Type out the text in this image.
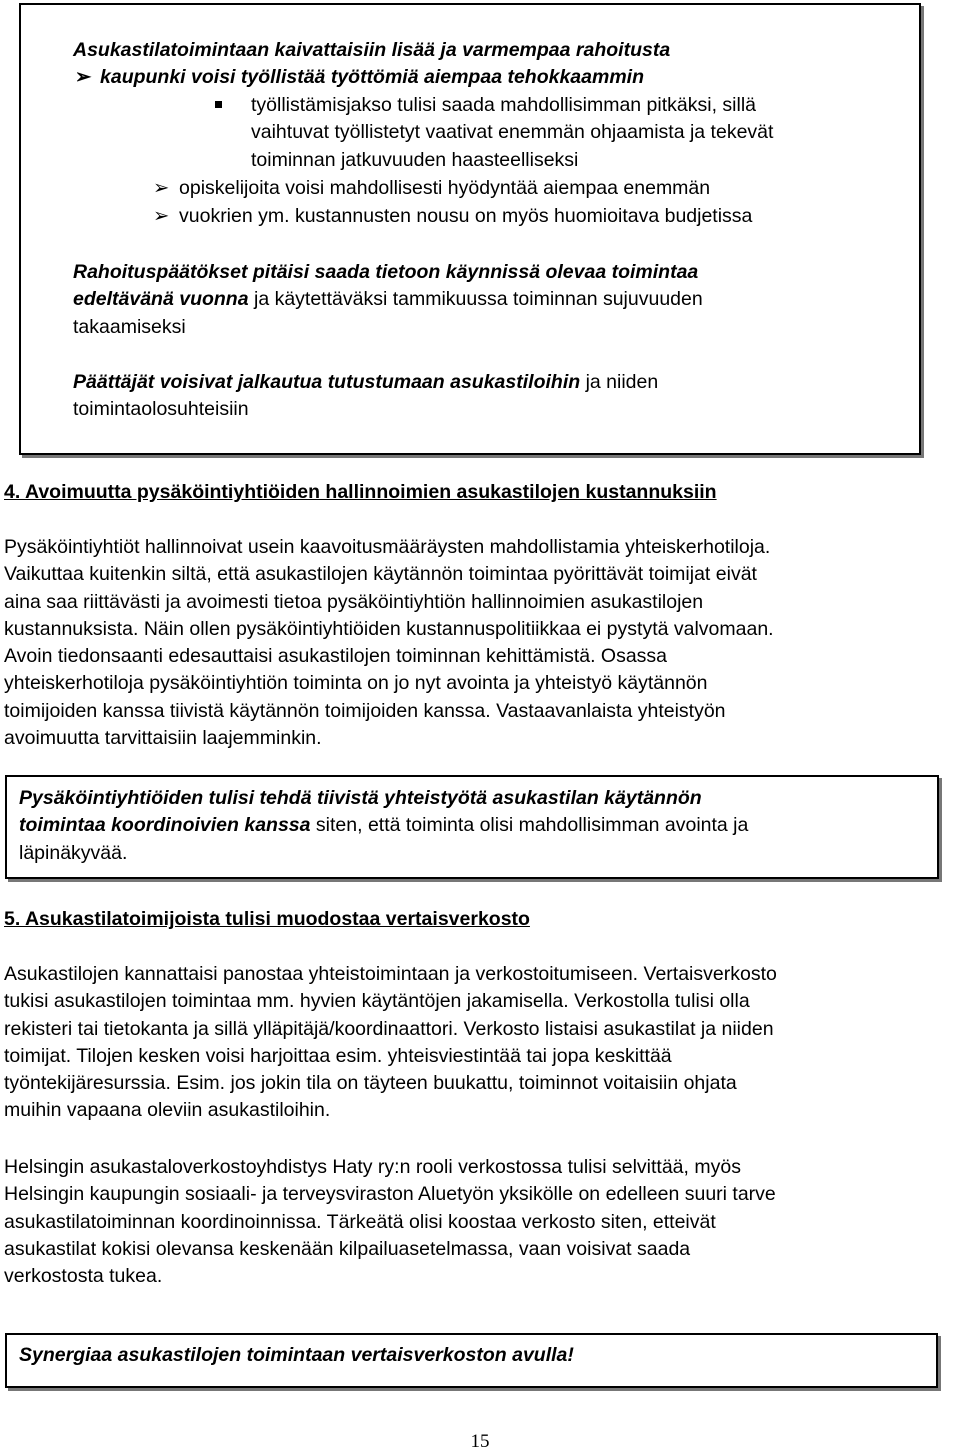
Asukastilatoimintaan kaivattaisiin lisää ja varmempaa rahoitusta
➢ kaupunki voisi työllistää työttömiä aiempaa tehokkaammin
työllistämisjakso tulisi saada mahdollisimman pitkäksi, sillä
vaihtuvat työllistetyt vaativat enemmän ohjaamista ja tekevät
toiminnan jatkuvuuden haasteelliseksi
➢ opiskelijoita voisi mahdollisesti hyödyntää aiempaa enemmän
➢ vuokrien ym. kustannusten nousu on myös huomioitava budjetissa
Rahoituspäätökset pitäisi saada tietoon käynnissä olevaa toimintaa
edeltävänä vuonna ja käytettäväksi tammikuussa toiminnan sujuvuuden
takaamiseksi
Päättäjät voisivat jalkautua tutustumaan asukastiloihin ja niiden
toimintaolosuhteisiin
4. Avoimuutta pysäköintiyhtiöiden hallinnoimien asukastilojen kustannuksiin
Pysäköintiyhtiöt hallinnoivat usein kaavoitusmääräysten mahdollistamia yhteiskerhotiloja.
Vaikuttaa kuitenkin siltä, että asukastilojen käytännön toimintaa pyörittävät toimijat eivät
aina saa riittävästi ja avoimesti tietoa pysäköintiyhtiön hallinnoimien asukastilojen
kustannuksista. Näin ollen pysäköintiyhtiöiden kustannuspolitiikkaa ei pystytä valvomaan.
Avoin tiedonsaanti edesauttaisi asukastilojen toiminnan kehittämistä. Osassa
yhteiskerhotiloja pysäköintiyhtiön toiminta on jo nyt avointa ja yhteistyö käytännön
toimijoiden kanssa tiivistä käytännön toimijoiden kanssa. Vastaavanlaista yhteistyön
avoimuutta tarvittaisiin laajemminkin.
Pysäköintiyhtiöiden tulisi tehdä tiivistä yhteistyötä asukastilan käytännön
toimintaa koordinoivien kanssa siten, että toiminta olisi mahdollisimman avointa ja
läpinäkyvää.
5. Asukastilatoimijoista tulisi muodostaa vertaisverkosto
Asukastilojen kannattaisi panostaa yhteistoimintaan ja verkostoitumiseen. Vertaisverkosto
tukisi asukastilojen toimintaa mm. hyvien käytäntöjen jakamisella. Verkostolla tulisi olla
rekisteri tai tietokanta ja sillä ylläpitäjä/koordinaattori. Verkosto listaisi asukastilat ja niiden
toimijat. Tilojen kesken voisi harjoittaa esim. yhteisviestintää tai jopa keskittää
työntekijäresurssia. Esim. jos jokin tila on täyteen buukattu, toiminnot voitaisiin ohjata
muihin vapaana oleviin asukastiloihin.
Helsingin asukastaloverkostoyhdistys Haty ry:n rooli verkostossa tulisi selvittää, myös
Helsingin kaupungin sosiaali- ja terveysviraston Aluetyön yksikölle on edelleen suuri tarve
asukastilatoiminnan koordinoinnissa. Tärkeätä olisi koostaa verkosto siten, etteivät
asukastilat kokisi olevansa keskenään kilpailuasetelmassa, vaan voisivat saada
verkostosta tukea.
Synergiaa asukastilojen toimintaan vertaisverkoston avulla!
15
